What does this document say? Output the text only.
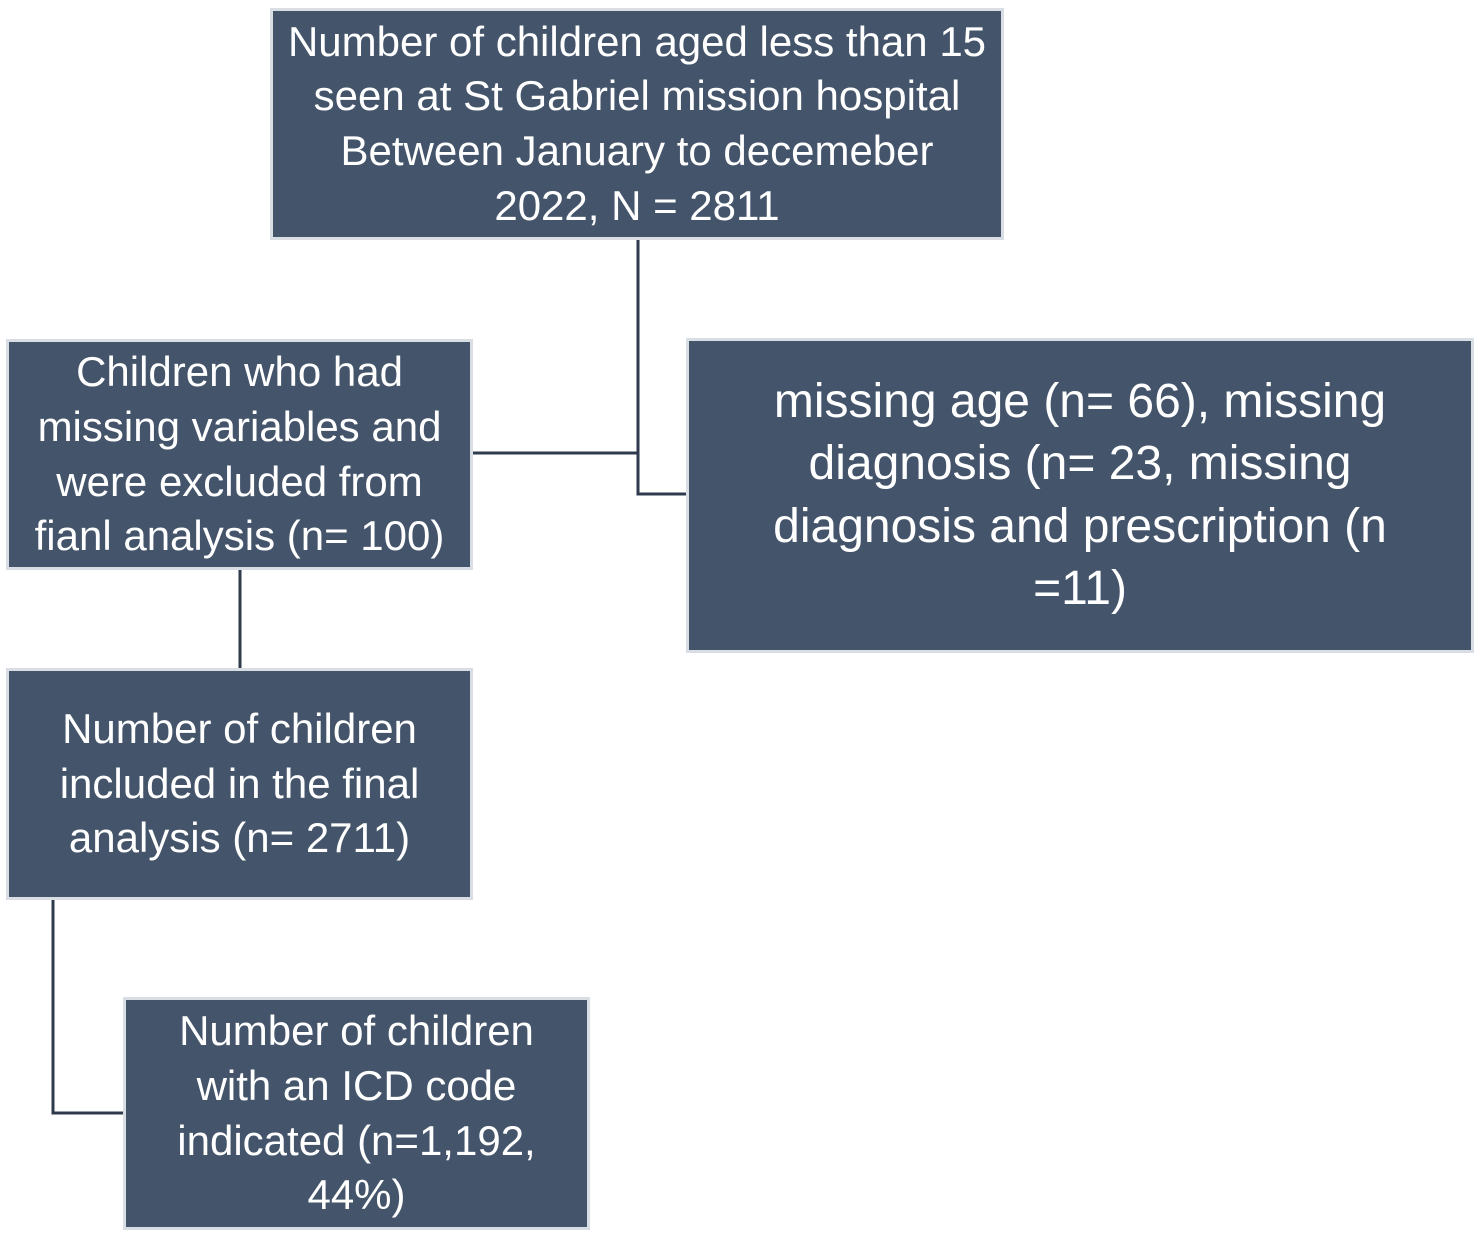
Number of children aged less than 15 seen at St Gabriel mission hospital Between January to decemeber 2022, N = 2811
Children who had missing variables and were excluded from fianl analysis (n= 100)
missing age (n= 66), missing diagnosis (n= 23, missing diagnosis and prescription (n =11)
Number of children included in the final analysis (n= 2711)
Number of children with an ICD code indicated (n=1,192, 44%)
